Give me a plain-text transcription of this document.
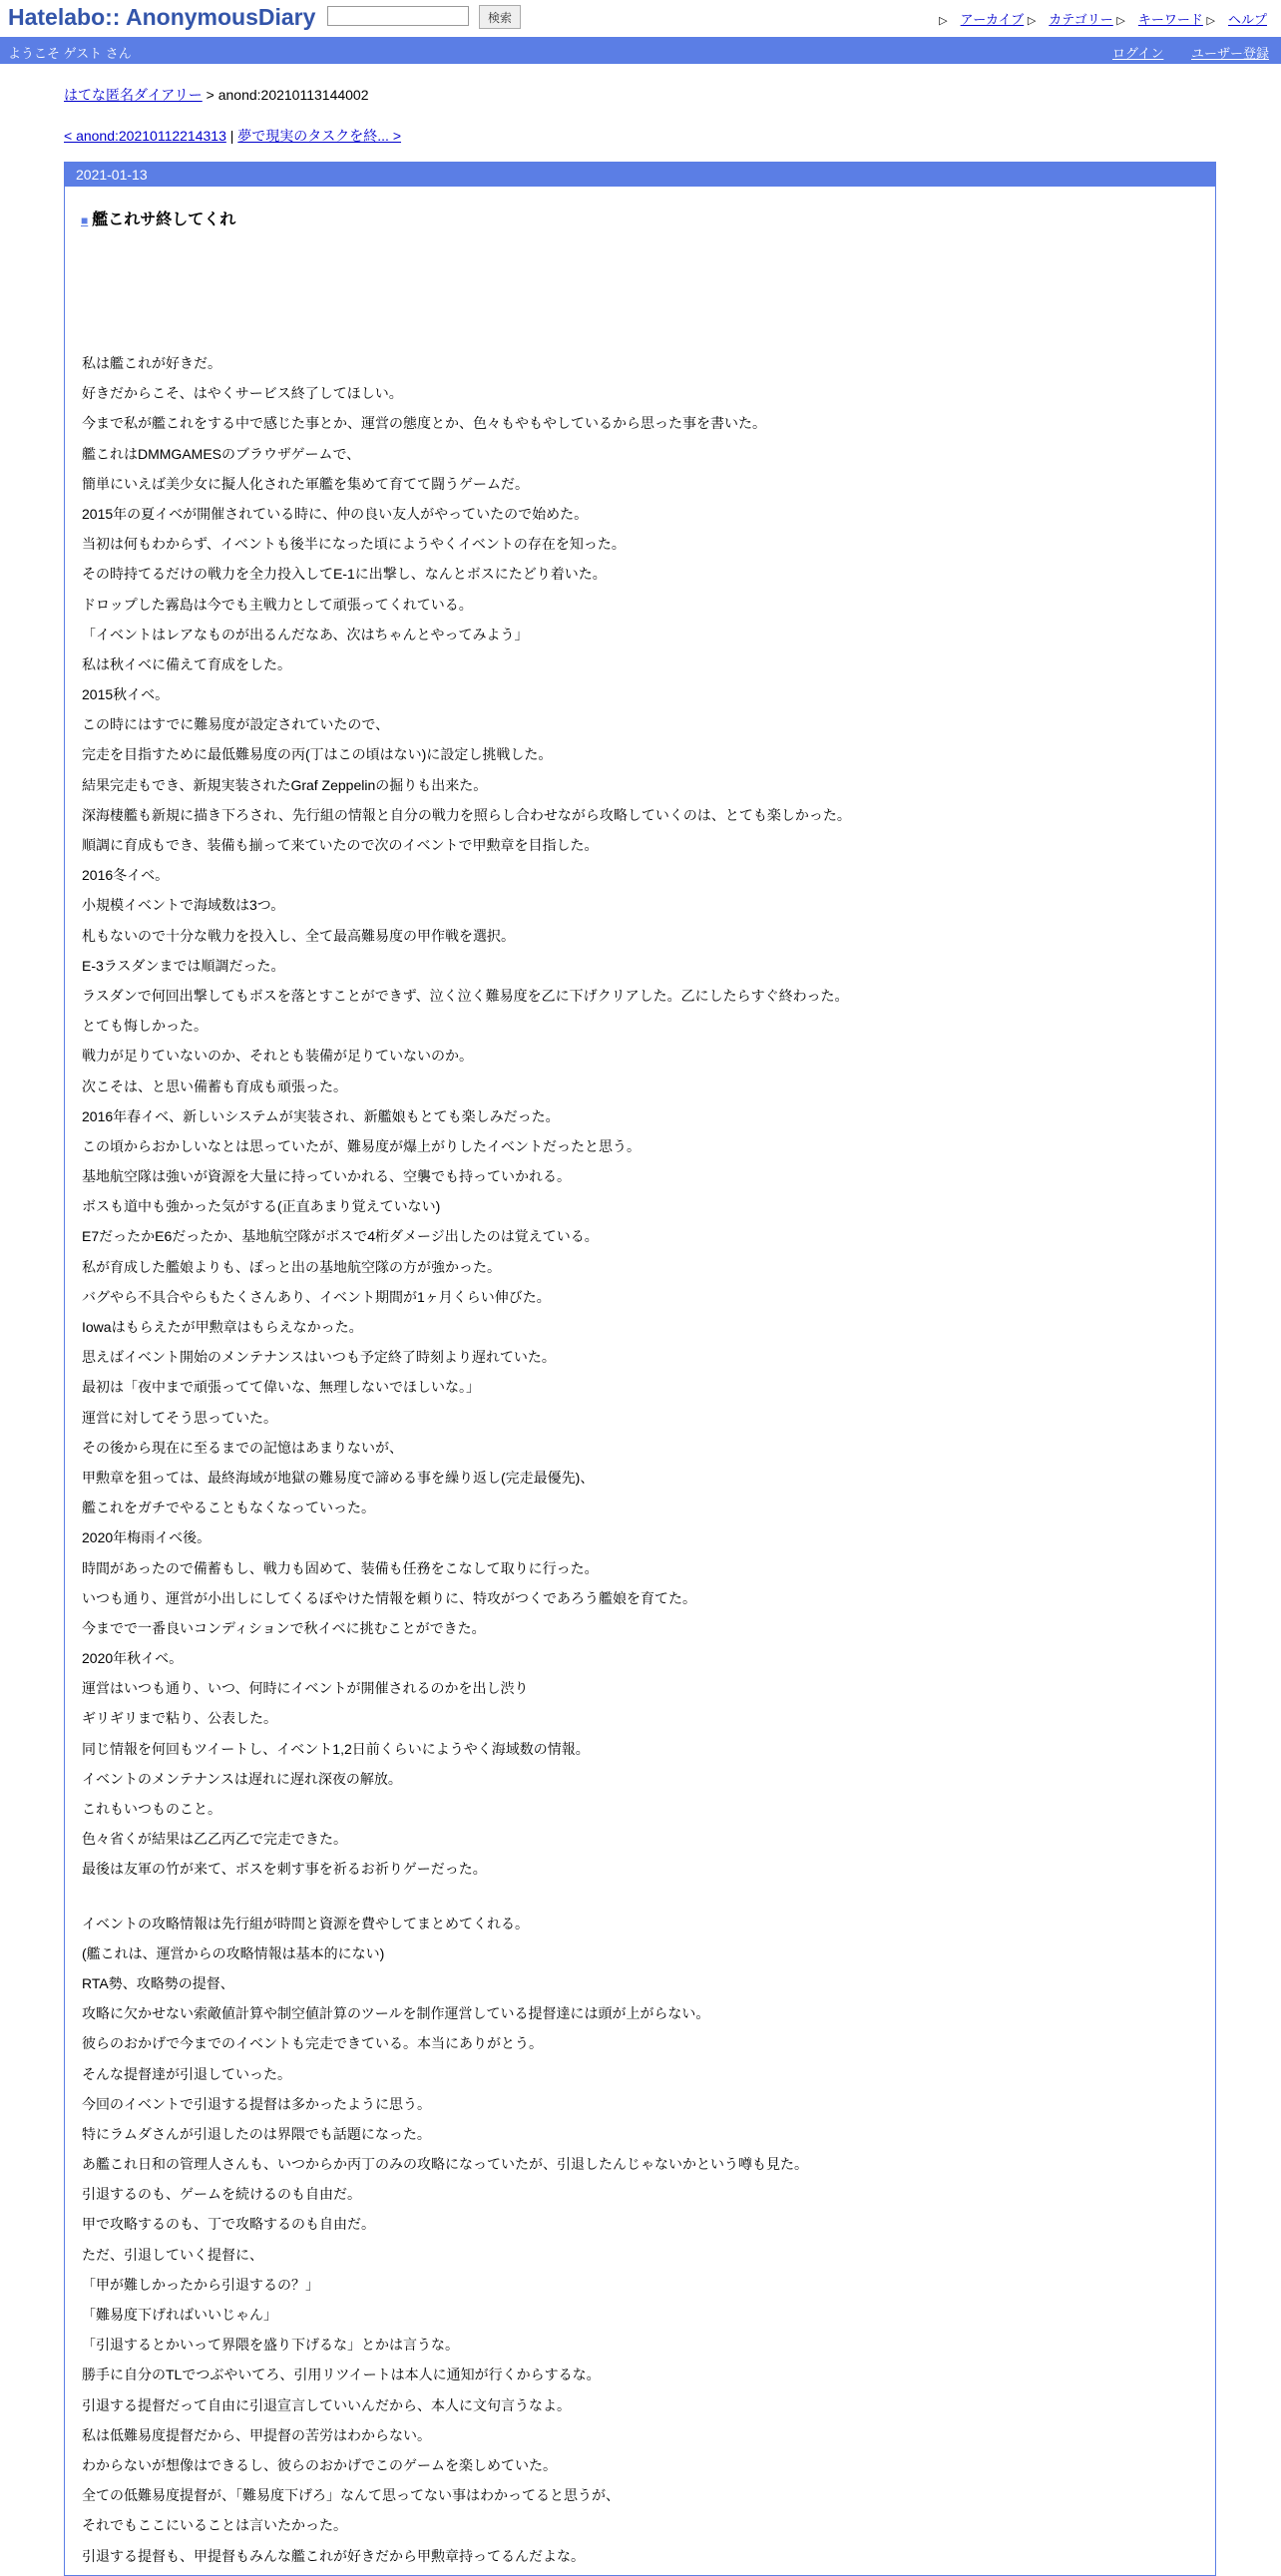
Hatelabo:: AnonymousDiary	検索	▷ アーカイブ ▷ カテゴリー ▷ キーワード ▷ ヘルプ
ようこそ ゲスト さん	ログイン ユーザー登録
はてな匿名ダイアリー > anond:20210113144002
< anond:20210112214313 | 夢で現実のタスクを終... >
2021-01-13
■ 艦これサ終してくれ

私は艦これが好きだ。

好きだからこそ、はやくサービス終了してほしい。

今まで私が艦これをする中で感じた事とか、運営の態度とか、色々もやもやしているから思った事を書いた。

艦これはDMMGAMESのブラウザゲームで、

簡単にいえば美少女に擬人化された軍艦を集めて育てて闘うゲームだ。

2015年の夏イベが開催されている時に、仲の良い友人がやっていたので始めた。

当初は何もわからず、イベントも後半になった頃にようやくイベントの存在を知った。

その時持てるだけの戦力を全力投入してE-1に出撃し、なんとボスにたどり着いた。

ドロップした霧島は今でも主戦力として頑張ってくれている。

「イベントはレアなものが出るんだなあ、次はちゃんとやってみよう」

私は秋イベに備えて育成をした。

2015秋イベ。

この時にはすでに難易度が設定されていたので、

完走を目指すために最低難易度の丙(丁はこの頃はない)に設定し挑戦した。

結果完走もでき、新規実装されたGraf Zeppelinの掘りも出来た。

深海棲艦も新規に描き下ろされ、先行組の情報と自分の戦力を照らし合わせながら攻略していくのは、とても楽しかった。

順調に育成もでき、装備も揃って来ていたので次のイベントで甲勲章を目指した。

2016冬イベ。

小規模イベントで海域数は3つ。

札もないので十分な戦力を投入し、全て最高難易度の甲作戦を選択。

E-3ラスダンまでは順調だった。

ラスダンで何回出撃してもボスを落とすことができず、泣く泣く難易度を乙に下げクリアした。乙にしたらすぐ終わった。

とても悔しかった。

戦力が足りていないのか、それとも装備が足りていないのか。

次こそは、と思い備蓄も育成も頑張った。

2016年春イベ、新しいシステムが実装され、新艦娘もとても楽しみだった。

この頃からおかしいなとは思っていたが、難易度が爆上がりしたイベントだったと思う。

基地航空隊は強いが資源を大量に持っていかれる、空襲でも持っていかれる。

ボスも道中も強かった気がする(正直あまり覚えていない)

E7だったかE6だったか、基地航空隊がボスで4桁ダメージ出したのは覚えている。

私が育成した艦娘よりも、ぽっと出の基地航空隊の方が強かった。

バグやら不具合やらもたくさんあり、イベント期間が1ヶ月くらい伸びた。

Iowaはもらえたが甲勲章はもらえなかった。

思えばイベント開始のメンテナンスはいつも予定終了時刻より遅れていた。

最初は「夜中まで頑張ってて偉いな、無理しないでほしいな。」

運営に対してそう思っていた。

その後から現在に至るまでの記憶はあまりないが、

甲勲章を狙っては、最終海域が地獄の難易度で諦める事を繰り返し(完走最優先)、

艦これをガチでやることもなくなっていった。

2020年梅雨イベ後。

時間があったので備蓄もし、戦力も固めて、装備も任務をこなして取りに行った。

いつも通り、運営が小出しにしてくるぼやけた情報を頼りに、特攻がつくであろう艦娘を育てた。

今までで一番良いコンディションで秋イベに挑むことができた。

2020年秋イベ。

運営はいつも通り、いつ、何時にイベントが開催されるのかを出し渋り

ギリギリまで粘り、公表した。

同じ情報を何回もツイートし、イベント1,2日前くらいにようやく海域数の情報。

イベントのメンテナンスは遅れに遅れ深夜の解放。

これもいつものこと。

色々省くが結果は乙乙丙乙で完走できた。

最後は友軍の竹が来て、ボスを刺す事を祈るお祈りゲーだった。

イベントの攻略情報は先行組が時間と資源を費やしてまとめてくれる。

(艦これは、運営からの攻略情報は基本的にない)

RTA勢、攻略勢の提督、

攻略に欠かせない索敵値計算や制空値計算のツールを制作運営している提督達には頭が上がらない。

彼らのおかげで今までのイベントも完走できている。本当にありがとう。

そんな提督達が引退していった。

今回のイベントで引退する提督は多かったように思う。

特にラムダさんが引退したのは界隈でも話題になった。

あ艦これ日和の管理人さんも、いつからか丙丁のみの攻略になっていたが、引退したんじゃないかという噂も見た。

引退するのも、ゲームを続けるのも自由だ。

甲で攻略するのも、丁で攻略するのも自由だ。

ただ、引退していく提督に、

「甲が難しかったから引退するの？」

「難易度下げればいいじゃん」

「引退するとかいって界隈を盛り下げるな」とかは言うな。

勝手に自分のTLでつぶやいてろ、引用リツイートは本人に通知が行くからするな。

引退する提督だって自由に引退宣言していいんだから、本人に文句言うなよ。

私は低難易度提督だから、甲提督の苦労はわからない。

わからないが想像はできるし、彼らのおかげでこのゲームを楽しめていた。

全ての低難易度提督が、「難易度下げろ」なんて思ってない事はわかってると思うが、

それでもここにいることは言いたかった。

引退する提督も、甲提督もみんな艦これが好きだから甲勲章持ってるんだよな。
